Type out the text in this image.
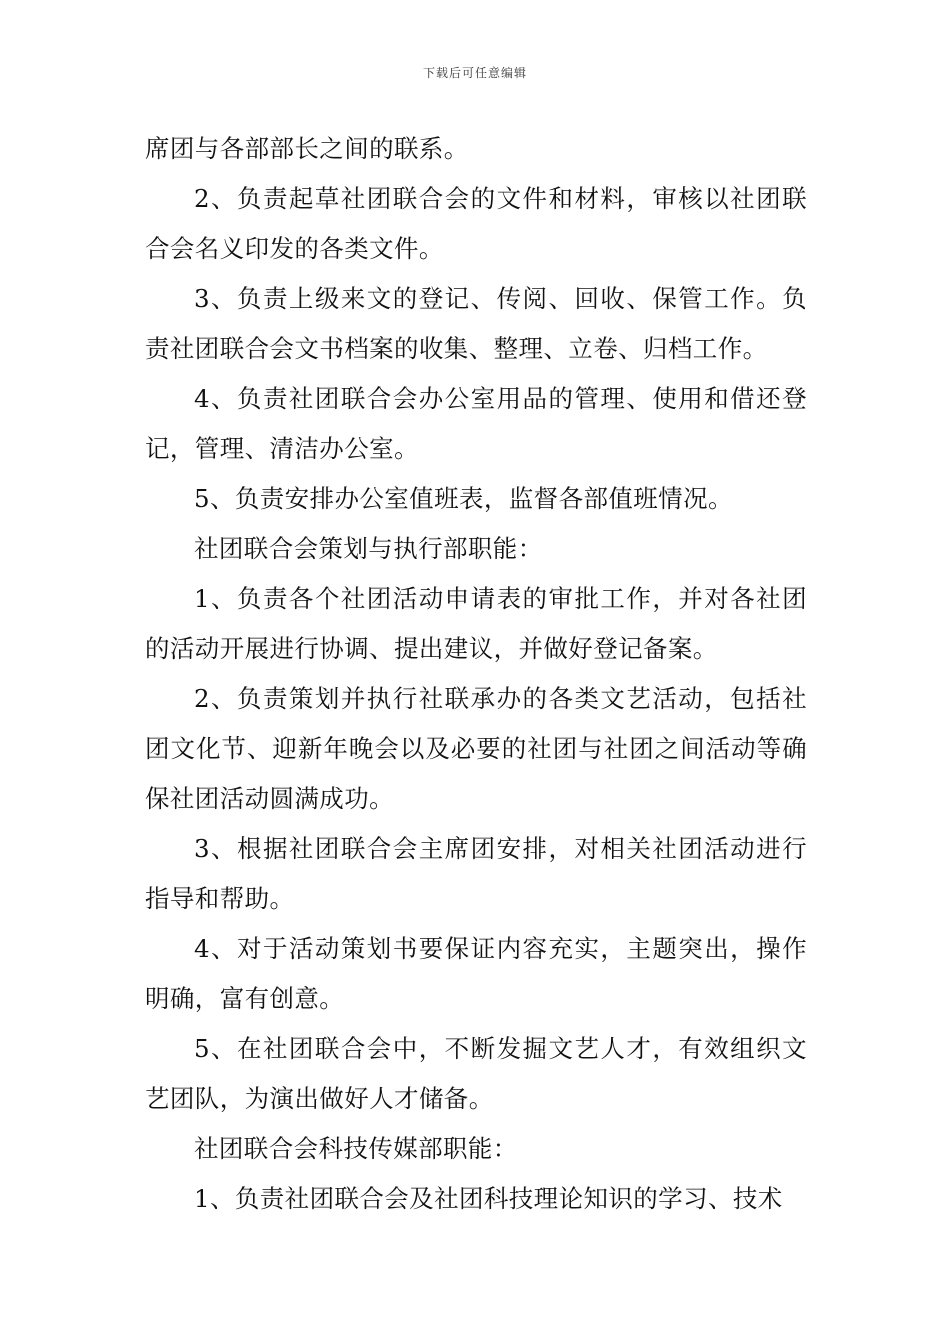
下载后可任意编辑

席团与各部部长之间的联系。

2、负责起草社团联合会的文件和材料，审核以社团联合会名义印发的各类文件。

3、负责上级来文的登记、传阅、回收、保管工作。负责社团联合会文书档案的收集、整理、立卷、归档工作。

4、负责社团联合会办公室用品的管理、使用和借还登记，管理、清洁办公室。

5、负责安排办公室值班表，监督各部值班情况。

社团联合会策划与执行部职能：

1、负责各个社团活动申请表的审批工作，并对各社团的活动开展进行协调、提出建议，并做好登记备案。

2、负责策划并执行社联承办的各类文艺活动，包括社团文化节、迎新年晚会以及必要的社团与社团之间活动等确保社团活动圆满成功。

3、根据社团联合会主席团安排，对相关社团活动进行指导和帮助。

4、对于活动策划书要保证内容充实，主题突出，操作明确，富有创意。

5、在社团联合会中，不断发掘文艺人才，有效组织文艺团队，为演出做好人才储备。

社团联合会科技传媒部职能：

1、负责社团联合会及社团科技理论知识的学习、技术
